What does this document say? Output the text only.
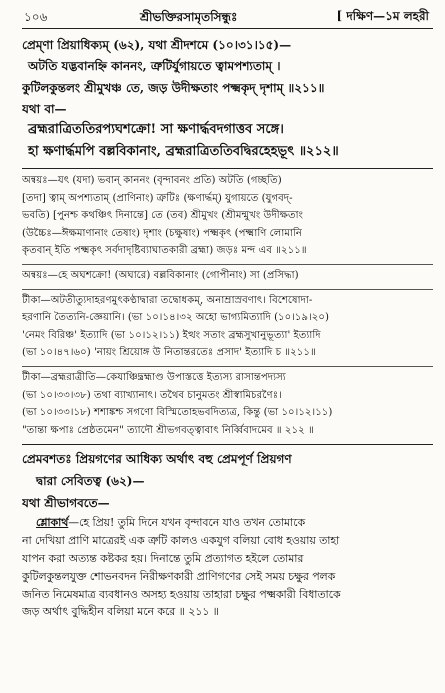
১০৬	শ্রীভক্তিরসামৃতসিন্ধুঃ	[ দক্ষিণ—১ম লহরী
প্রেম্ণা প্রিয়াধিক্যম্ (৬২), যথা শ্রীদশমে (১০।৩১।১৫)—
অটতি যদ্ভবানহ্নি কাননং, ত্রুটির্যুগায়তে ত্বামপশ্যতাম্ ।
কুটিলকুন্তলং শ্রীমুখঞ্চ তে, জড় উদীক্ষতাং পক্ষ্মকৃদ্ দৃশাম্ ॥২১১॥
যথা বা—
ব্রহ্মরাত্রিততিরপ্যঘশক্রো! সা ক্ষণার্দ্ধবদগাত্তব সঙ্গে।
হা ক্ষণার্দ্ধমপি বল্লবিকানাং, ব্রহ্মরাত্রিততিবদ্বিরহেহভূৎ ॥২১২॥
অন্বয়ঃ—যৎ (যদা) ভবান্ কাননং (বৃন্দাবনং প্রতি) অটতি (গচ্ছতি)
[তদা] ত্বাম্ অপশ্যতাম্ (প্রাণিনাং) ত্রুটিঃ (ক্ষণার্দ্ধম্) যুগায়তে (যুগবদ্-
ভবতি) [পুনশ্চ কথঞ্চিৎ দিনান্তে] তে (তব) শ্রীমুখং (শ্রীমন্মুখং উদীক্ষতাং
(উচ্চৈঃ—ঈক্ষমাণানাং তেষাং) দৃশাং (চক্ষুষাং) পক্ষ্মকৃৎ (পক্ষ্মাণি লোমানি
কৃতবান্ ইতি পক্ষ্মকৃৎ সর্বদাদৃষ্টিব্যাঘাতকারী ব্রহ্মা) জড়ঃ মন্দ এব ॥২১১॥
অন্বয়ঃ—হে অঘশক্রো! (অঘারে) বল্লবিকানাং (গোপীনাং) সা (প্রসিদ্ধা)
টীকা—অটতীত্যুদাহরণমুৎকণ্ঠাদ্বারা তদ্বোধকম্, অনাম্রাস্রবণাৎ। বিশেষোদা-
হরণানি তৈত্যনি-জ্ঞেয়ানি। (ভা ১০।১৪।৩২ অহো ভাগ্যমিত্যাদি (১০।১৯।২০)
'নেমং বিরিঞ্চ' ইত্যাদি (ভা ১০।১২।১১) ইত্থং সতাং ব্রহ্মসুখানুভূত্যা' ইত্যাদি
(ভা ১০।৪৭।৬০) 'নায়ং শ্রিয়োঙ্গ উ নিতান্তরতেঃ প্রসাদ' ইত্যাদি চ ॥২১১॥
টীকা—ব্রহ্মরাত্রীতি—কেযাঞ্চিদ্ব্রহ্মাণ্ড উপাস্তত্তে ইত্যস্য রাসান্তপদ্যস্য
(ভা ১০।৩৩।৩৮) তথা ব্যাখ্যানাৎ। তথৈব চানুমতং শ্রীস্বামিচরণৈঃ।
(ভা ১০।৩৩।১৮) শশাঙ্কশ্চ সগণো বিস্মিতোহভবদিত্যত্র, কিন্তু (ভা ১০।১২।১১)
"তান্তা ক্ষপাঃ প্রেষ্ঠতমেন" ত্যাদৌ শ্রীভগবত্ত্বাবাৎ নির্ব্বিবাদমেব ॥ ২১২ ॥
প্রেমবশতঃ প্রিয়গণের আধিক্য অর্থাৎ বহু প্রেমপূর্ণ প্রিয়গণ
দ্বারা সেবিতত্ব (৬২)—
যথা শ্রীভাগবতে—
শ্লোকার্থ—হে প্রিয়! তুমি দিনে যখন বৃন্দাবনে যাও তখন তোমাকে
না দেখিয়া প্রাণি মাত্রেরই এক ত্রুটি কালও একযুগ বলিয়া বোধ হওয়ায় তাহা
যাপন করা অত্যন্ত কষ্টকর হয়। দিনান্তে তুমি প্রত্যাগত হইলে তোমার
কুটিলকুন্তলযুক্ত শোভনবদন নিরীক্ষণকারী প্রাণিগণের সেই সময় চক্ষুর পলক
জনিত নিমেষমাত্র ব্যবধানও অসহ্য হওয়ায় তাহারা চক্ষুর পক্ষ্মকারী বিধাতাকে
জড় অর্থাৎ বুদ্ধিহীন বলিয়া মনে করে ॥ ২১১ ॥
